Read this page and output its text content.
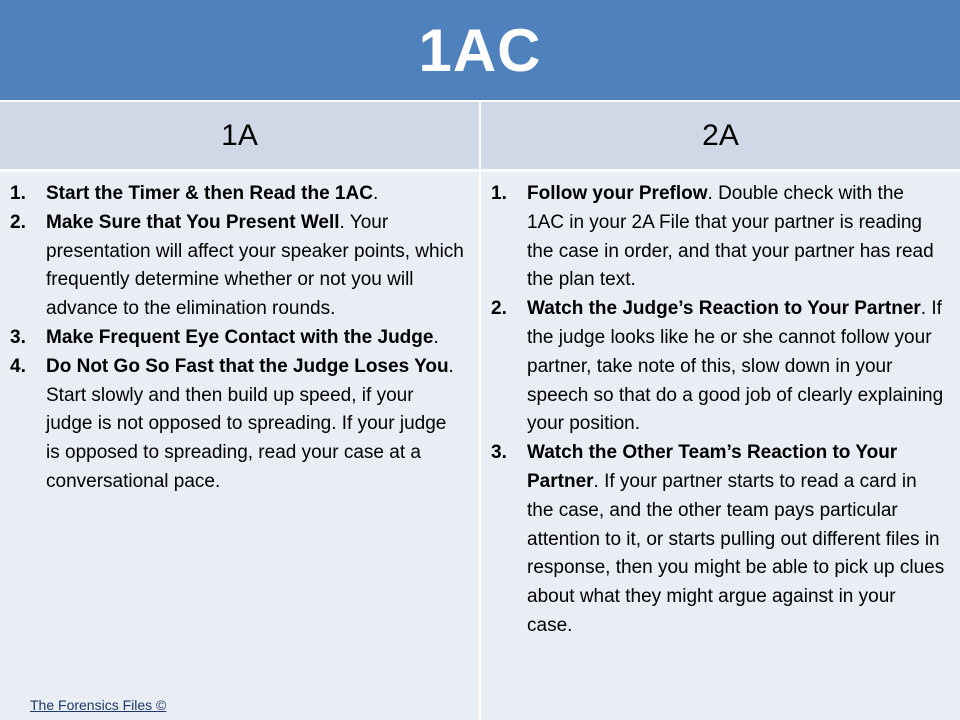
1AC
1A	2A
1. Start the Timer & then Read the 1AC.
2. Make Sure that You Present Well. Your presentation will affect your speaker points, which frequently determine whether or not you will advance to the elimination rounds.
3. Make Frequent Eye Contact with the Judge.
4. Do Not Go So Fast that the Judge Loses You. Start slowly and then build up speed, if your judge is not opposed to spreading. If your judge is opposed to spreading, read your case at a conversational pace.
1. Follow your Preflow. Double check with the 1AC in your 2A File that your partner is reading the case in order, and that your partner has read the plan text.
2. Watch the Judge’s Reaction to Your Partner. If the judge looks like he or she cannot follow your partner, take note of this, slow down in your speech so that do a good job of clearly explaining your position.
3. Watch the Other Team’s Reaction to Your Partner. If your partner starts to read a card in the case, and the other team pays particular attention to it, or starts pulling out different files in response, then you might be able to pick up clues about what they might argue against in your case.
The Forensics Files ©
